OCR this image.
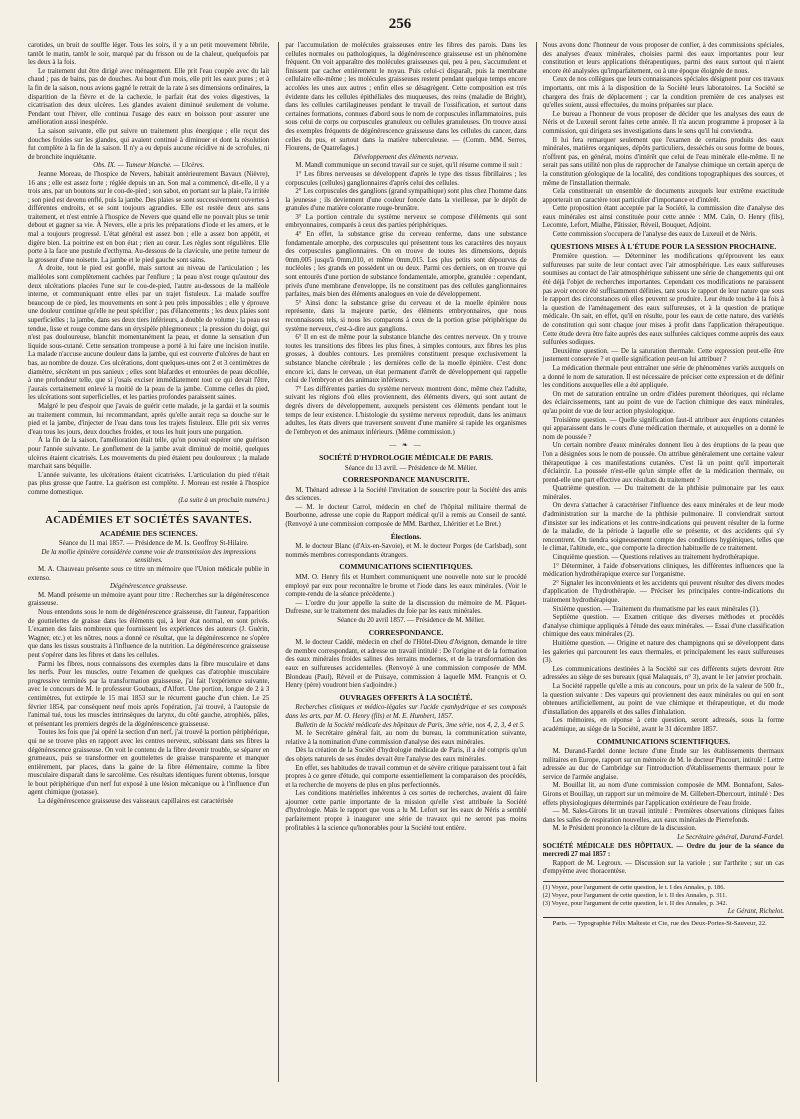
256

carotides, un bruit de souffle léger. Tous les soirs, il y a un petit mouvement fébrile, tantôt le matin, tantôt le soir, marqué par du frisson ou de la chaleur, quelquefois par les deux à la fois.

Le traitement dut être dirigé avec ménagement. Elle prit l'eau coupée avec du lait chaud ; pas de bains, pas de douches. Au bout d'un mois, elle prit les eaux pures ; et à la fin de la saison, nous avions gagné le retrait de la rate à ses dimensions ordinaires, la disparition de la fièvre et de la cachexie, le parfait état des voies digestives, la cicatrisation des deux ulcères. Les glandes avaient diminué seulement de volume. Pendant tout l'hiver, elle continua l'usage des eaux en boisson pour assurer une amélioration aussi inespérée.

La saison suivante, elle put suivre un traitement plus énergique ; elle reçut des douches froides sur les glandes, qui avaient continué à diminuer et dont la résolution fut complète à la fin de la saison. Il n'y a eu depuis aucune récidive ni de scrofules, ni de bronchite inquiétante.

Obs. IX. — Tumeur blanche. — Ulcères.

Jeanne Moreau, de l'hospice de Nevers, habitait antérieurement Bavaux (Nièvre), 16 ans ; elle est assez forte ; réglée depuis un an. Son mal a commencé, dit-elle, il y a trois ans, par un boutons sur le cou-de-pied ; son sabot, en portant sur la plaie, l'a irritée ; son pied est devenu enflé, puis la jambe. Des plaies se sont successivement ouvertes à différentes endroits, et se sont toujours agrandies. Elle est restée deux ans sans traitement, et n'est entrée à l'hospice de Nevers que quand elle ne pouvait plus se tenir debout et gagner sa vie. À Nevers, elle a pris les préparations d'iode et les amers, et le mal a toujours progressé. L'état général est assez bon ; elle a assez bon appétit, et digère bien. La poitrine est en bon état ; rien au cœur. Les règles sont régulières. Elle porte à la face une pustule d'ecthyma. Au-dessous de la clavicule, une petite tumeur de la grosseur d'une noisette. La jambe et le pied gauche sont sains.

À droite, tout le pied est gonflé, mais surtout au niveau de l'articulation ; les malléoles sont complètement cachées par l'enflure ; la peau n'est rouge qu'autour des deux ulcérations placées l'une sur le cou-de-pied, l'autre au-dessous de la malléole interne, et communiquant entre elles par un trajet fistuleux. La malade souffre beaucoup de ce pied, les mouvements en sont à peu près impossibles ; elle y éprouve une douleur continue qu'elle ne peut spécifier ; pas d'élancements ; les deux plaies sont superficielles ; la jambe, dans ses deux tiers inférieurs, a double de volume ; la peau est tendue, lisse et rouge comme dans un érysipèle phlegmoneux ; la pression du doigt, qui n'est pas douloureuse, blanchit momentanément la peau, et donne la sensation d'un liquide sous-cutané. Cette sensation trompeuse a porté à lui faire une incision inutile. La malade n'accuse aucune douleur dans la jambe, qui est couverte d'ulcères de haut en bas, au nombre de douze. Ces ulcérations, dont quelques-unes ont 2 et 3 centimètres de diamètre, sécrètent un pus sanieux ; elles sont blafardes et entourées de peau décollée, à une profondeur telle, que si j'osais exciser immédiatement tout ce qui devait l'être, j'aurais certainement enlevé la moitié de la peau de la jambe. Comme celles du pied, les ulcérations sont superficielles, et les parties profondes paraissent saines.

Malgré le peu d'espoir que j'avais de guérir cette malade, je la gardai et la soumis au traitement commun, lui recommandant, après qu'elle aurait reçu sa douche sur le pied et la jambe, d'injecter de l'eau dans tous les trajets fistuleux. Elle prit six verres d'eau tous les jours, deux douches froides, et tous les huit jours une purgation.

À la fin de la saison, l'amélioration était telle, qu'on pouvait espérer une guérison pour l'année suivante. Le gonflement de la jambe avait diminué de moitié, quelques ulcères étaient cicatrisés. Les mouvements du pied étaient peu douloureux ; la malade marchait sans béquille.

L'année suivante, les ulcérations étaient cicatrisées. L'articulation du pied n'était pas plus grosse que l'autre. La guérison est complète. J. Moreau est restée à l'hospice comme domestique.

(La suite à un prochain numéro.)

ACADÉMIES ET SOCIÉTÉS SAVANTES.
ACADÉMIE DES SCIENCES.

Séance du 11 mai 1857. — Présidence de M. Is. Geoffroy St-Hilaire.

De la mollie épinière considérée comme voie de transmission des impressions sensitives.

M. A. Chauveau présente sous ce titre un mémoire que l'Union médicale publie in extenso.

Dégénérescence graisseuse.

M. Mandl présente un mémoire ayant pour titre : Recherches sur la dégénérescence graisseuse.

Nous entendons sous le nom de dégénérescence graisseuse, dit l'auteur, l'apparition de gouttelettes de graisse dans les éléments qui, à leur état normal, en sont privés. L'examen des faits nombreux que fournissent les expériences des auteurs (J. Guérin, Wagner, etc.) et les nôtres, nous a donné ce résultat, que la dégénérescence ne s'opère que dans les tissus soustraits à l'influence de la nutrition. La dégénérescence graisseuse peut s'opérer dans les fibres et dans les cellules.

Parmi les fibres, nous connaissons des exemples dans la fibre musculaire et dans les nerfs. Pour les muscles, outre l'examen de quelques cas d'atrophie musculaire progressive terminés par la transformation graisseuse, j'ai fait l'expérience suivante, avec le concours de M. le professeur Goubaux, d'Alfort. Une portion, longue de 2 à 3 centimètres, fut extirpée le 15 mai 1853 sur le récurrent gauche d'un chien. Le 25 février 1854, par conséquent neuf mois après l'opération, j'ai trouvé, à l'autopsie de l'animal tué, tous les muscles intrinsèques du larynx, du côté gauche, atrophiés, pâles, et présentant les premiers degrés de la dégénérescence graisseuse.

Toutes les fois que j'ai opéré la section d'un nerf, j'ai trouvé la portion périphérique, qui ne se trouve plus en rapport avec les centres nerveux, subissant dans ses fibres la dégénérescence graisseuse. On voit le contenu de la fibre devenir trouble, se séparer en grumeaux, puis se transformer en gouttelettes de graisse transparente et manquer entièrement, par places, dans la gaine de la fibre élémentaire, comme la fibre musculaire disparaît dans le sarcolème. Ces résultats identiques furent obtenus, lorsque le bout périphérique d'un nerf fut exposé à une lésion mécanique ou à l'influence d'un agent chimique (potasse).

La dégénérescence graisseuse des vaisseaux capillaires est caractérisée

par l'accumulation de molécules graisseuses entre les fibres des parois. Dans les cellules normales ou pathologiques, la dégénérescence graisseuse est un phénomène fréquent. On voit apparaître des molécules graisseuses qui, peu à peu, s'accumulent et finissent par cacher entièrement le noyau. Puis celui-ci disparaît, puis la membrane cellulaire elle-même ; les molécules graisseuses restent pendant quelque temps encore accolées les unes aux autres ; enfin elles se désagrègent. Cette composition est très évidente dans les cellules épithéliales des muqueuses, des reins (maladie de Bright), dans les cellules cartilagineuses pendant le travail de l'ossification, et surtout dans certaines formations, connues d'abord sous le nom de corpuscules inflammatoires, puis sous celui de corps ou corpuscules granuleux ou cellules granuleuses. On trouve aussi des exemples fréquents de dégénérescence graisseuse dans les cellules du cancer, dans celles du pus, et surtout dans la matière tuberculeuse. — (Comm. MM. Serres, Flourens, de Quatrefages.)

Développement des éléments nerveux.

M. Mandl communique un second travail sur ce sujet, qu'il résume comme il suit :

1° Les fibres nerveuses se développent d'après le type des tissus fibrillaires ; les corpuscules (cellules) ganglionnaires d'après celui des cellules.

2° Les corpuscules des ganglions (grand sympathique) sont plus chez l'homme dans la jeunesse ; ils deviennent d'une couleur foncée dans la vieillesse, par le dépôt de granules d'une matière colorante rouge-brunâtre.

3° La portion centrale du système nerveux se compose d'éléments qui sont embryonnaires, comparés à ceux des parties périphériques.

4° En effet, la substance grise du cerveau renferme, dans une substance fondamentale amorphe, des corpuscules qui présentent tous les caractères des noyaux des corpuscules ganglionnaires. On en trouve de toutes les dimensions, depuis 0mm,005 jusqu'à 0mm,010, et même 0mm,015. Les plus petits sont dépourvus de nucléoles ; les grands en possèdent un ou deux. Parmi ces derniers, on en trouve qui sont entourés d'une portion de substance fondamentale, amorphe, granulée : cependant, privés d'une membrane d'enveloppe, ils ne constituent pas des cellules ganglionnaires parfaites, mais bien des éléments analogues en voie de développement.

5° Ainsi donc la substance grise du cerveau et de la moelle épinière nous représente, dans la majeure partie, des éléments embryonnaires, que nous reconnaissons tels, si nous les comparons à ceux de la portion grise périphérique du système nerveux, c'est-à-dire aux ganglions.

6° Il en est de même pour la substance blanche des centres nerveux. On y trouve toutes les transitions des fibres les plus fines, à simples contours, aux fibres les plus grosses, à doubles contours. Les premières constituent presque exclusivement la substance blanche cérébrale ; les dernières celle de la moelle épinière. C'est donc encore ici, dans le cerveau, un état permanent d'arrêt de développement qui rappelle celui de l'embryon et des animaux inférieurs.

7° Les différentes parties du système nerveux montrent donc, même chez l'adulte, suivant les régions d'où elles proviennent, des éléments divers, qui sont autant de degrés divers de développement, auxquels persistent ces éléments pendant tout le temps de leur existence. L'histologie du système nerveux reproduit, dans les animaux adultes, les états divers que traversent souvent d'une manière si rapide les organismes de l'embryon et des animaux inférieurs. (Même commission.)

— ❧ —
SOCIÉTÉ D'HYDROLOGIE MÉDICALE DE PARIS.

Séance du 13 avril. — Présidence de M. Mélier.

CORRESPONDANCE MANUSCRITE.

M. Thénard adresse à la Société l'invitation de souscrire pour la Société des amis des sciences.

— M. le docteur Carrol, médecin en chef de l'hôpital militaire thermal de Bourbonne, adresse une copie du Rapport médical qu'il a remis au Conseil de santé. (Renvoyé à une commission composée de MM. Barthez, Lhéritier et Le Bret.)

Élections.

M. le docteur Blanc (d'Aix-en-Savoie), et M. le docteur Porges (de Carlsbad), sont nommés membres correspondants étrangers.

COMMUNICATIONS SCIENTIFIQUES.

MM. O. Henry fils et Humbert communiquent une nouvelle note sur le procédé employé par eux pour reconnaître le brome et l'iode dans les eaux minérales. (Voir le compte-rendu de la séance précédente.)

— L'ordre du jour appelle la suite de la discussion du mémoire de M. Pâquet-Dufresne, sur le traitement des maladies du foie par les eaux minérales.

Séance du 20 avril 1857. — Présidence de M. Mélier.

CORRESPONDANCE.

M. le docteur Caddé, médecin en chef de l'Hôtel-Dieu d'Avignon, demande le titre de membre correspondant, et adresse un travail intitulé : De l'origine et de la formation des eaux minérales froides salines des terrains modernes, et de la transformation des eaux en sulfureuses accidentelles. (Renvoyé à une commission composée de MM. Blondeau (Paul), Réveil et de Puisaye, commission à laquelle MM. François et O. Henry (père) voudront bien s'adjoindre.)

OUVRAGES OFFERTS À LA SOCIÉTÉ.

Recherches cliniques et médico-légales sur l'acide cyanhydrique et ses composés dans les arts, par M. O. Henry (fils) et M. E. Humbert, 1857.

Bulletin de la Société médicale des hôpitaux de Paris, 3me série, nos 4, 2, 3, 4 et 5.

M. le Secrétaire général fait, au nom du bureau, la communication suivante, relative à la nomination d'une commission d'analyse des eaux minérales.

Dès la création de la Société d'hydrologie médicale de Paris, il a été compris qu'un des objets naturels de ses études devait être l'analyse des eaux minérales.

En effet, ses habitudes de travail commun et de sévère critique paraissent tout à fait propres à ce genre d'étude, qui comporte essentiellement la comparaison des procédés, et la recherche de moyens de plus en plus perfectionnés.

Les conditions matérielles inhérentes à ces sortes de recherches, avaient dû faire ajourner cette partie importante de la mission qu'elle s'est attribuée la Société d'hydrologie. Mais le rapport que vous a lu M. Lefort sur les eaux de Néris a semblé parfaitement propre à inaugurer une série de travaux qui ne seront pas moins profitables à la science qu'honorables pour la Société tout entière.

Nous avons donc l'honneur de vous proposer de confier, à des commissions spéciales, des analyses d'eaux minérales, choisies parmi des eaux importantes pour leur constitution et leurs applications thérapeutiques, parmi des eaux surtout qui n'aient encore été analysées qu'imparfaitement, ou à une époque éloignée de nous.

Ceux de nos collègues que leurs connaissances spéciales désignent pour ces travaux importants, ont mis à la disposition de la Société leurs laboratoires. La Société se chargera des frais de déplacement ; car la condition première de ces analyses est qu'elles soient, aussi effectuées, du moins préparées sur place.

Le bureau a l'honneur de vous proposer de décider que les analyses des eaux de Néris et de Luxeuil seront faites cette année. Il n'a aucun programme à proposer à la commission, qui dirigera ses investigations dans le sens qu'il lui conviendra.

Il lui fera remarquer seulement que l'examen de certains produits des eaux minérales, matières organiques, dépôts particuliers, desséchés ou sous forme de boues, n'offrent pas, en général, moins d'intérêt que celui de l'eau minérale elle-même. Il ne serait pas sans utilité non plus de rapprocher de l'analyse chimique un certain aperçu de la constitution géologique de la localité, des conditions topographiques des sources, et même de l'installation thermale.

Cela constituerait un ensemble de documents auxquels leur extrême exactitude apporterait un caractère tout particulier d'importance et d'intérêt.

Cette proposition étant acceptée par la Société, la commission dite d'analyse des eaux minérales est ainsi constituée pour cette année : MM. Caïn, O. Henry (fils), Lecomte, Lefort, Mialhe, Pâtissier, Réveil, Bouquet, Adjoint.

Cette commission s'occupera de l'analyse des eaux de Luxeuil et de Néris.

QUESTIONS MISES À L'ÉTUDE POUR LA SESSION PROCHAINE.

Première question. — Déterminer les modifications qu'éprouvent les eaux sulfureuses par suite de leur contact avec l'air atmosphérique. Les eaux sulfureuses soumises au contact de l'air atmosphérique subissent une série de changements qui ont été déjà l'objet de recherches importantes. Cependant ces modifications ne paraissent pas avoir encore été suffisamment définies, tant sous le rapport de leur nature que sous le rapport des circonstances où elles peuvent se produire. Leur étude touche à la fois à la question de l'aménagement des eaux sulfureuses, et à la question de pratique médicale. On sait, en effet, qu'il en résulte, pour les eaux de cette nature, des variétés de constitution qui sont chaque jour mises à profit dans l'application thérapeutique. Cette étude devra être faite auprès des eaux sulfurées calciques comme auprès des eaux sulfurées sodiques.

Deuxième question. — De la saturation thermale. Cette expression peut-elle être justement conservée ? et quelle signification peut-on lui attribuer ?

La médication thermale peut entraîner une série de phénomènes variés auxquels on a donné le nom de saturation. Il est nécessaire de préciser cette expression et de définir les conditions auxquelles elle a été appliquée.

On met de saturation entraîne un ordre d'idées purement théoriques, qui réclame des éclaircissements, tant au point de vue de l'action chimique des eaux minérales, qu'au point de vue de leur action physiologique.

Troisième question. — Quelle signification faut-il attribuer aux éruptions cutanées qui apparaissent dans le cours d'une médication thermale, et auxquelles on a donné le nom de poussée ?

Un certain nombre d'eaux minérales donnent lieu à des éruptions de la peau que l'on a désignées sous le nom de poussée. On attribue généralement une certaine valeur thérapeutique à ces manifestations cutanées. C'est là un point qu'il importerait d'éclaircir. La poussée n'est-elle qu'un simple effet de la médication thermale, ou prend-elle une part effective aux résultats du traitement ?

Quatrième question. — Du traitement de la phthisie pulmonaire par les eaux minérales.

On devra s'attacher à caractériser l'influence des eaux minérales et de leur mode d'administration sur la marche de la phthisie pulmonaire. Il conviendrait surtout d'insister sur les indications et les contre-indications qui peuvent résulter de la forme de la maladie, de la période à laquelle elle se présente, et des accidents qui s'y rencontrent. On tiendra soigneusement compte des conditions hygiéniques, telles que le climat, l'altitude, etc., que comporte la direction habituelle de ce traitement.

Cinquième question. — Questions relatives au traitement hydrothérapique.

1° Déterminer, à l'aide d'observations cliniques, les différentes influences que la médication hydrothérapique exerce sur l'organisme.

2° Signaler les inconvénients et les accidents qui peuvent résulter des divers modes d'application de l'hydrothérapie. — Préciser les principales contre-indications du traitement hydrothérapique.

Sixième question. — Traitement du rhumatisme par les eaux minérales (1).

Septième question. — Examen critique des diverses méthodes et procédés d'analyse chimique appliqués à l'étude des eaux minérales. — Essai d'une classification chimique des eaux minérales (2).

Huitième question. — Origine et nature des champignons qui se développent dans les galeries qui parcourent les eaux thermales, et principalement les eaux sulfureuses (3).

Les communications destinées à la Société sur ces différents sujets devront être adressées au siège de ses bureaux (quai Malaquais, n° 3), avant le 1er janvier prochain.

La Société rappelle qu'elle a mis au concours, pour un prix de la valeur de 500 fr., la question suivante : Des vapeurs qui proviennent des eaux minérales ou qui en sont obtenues artificiellement, au point de vue chimique et thérapeutique, et du mode d'installation des appareils et des salles d'inhalation.

Les mémoires, en réponse à cette question, seront adressés, sous la forme académique, au siège de la Société, avant le 31 décembre 1857.

COMMUNICATIONS SCIENTIFIQUES.

M. Durand-Fardel donne lecture d'une Étude sur les établissements thermaux militaires en Europe, rapport sur un mémoire de M. le docteur Pincourt, intitulé : Lettre adressée au duc de Cambridge sur l'introduction d'établissements thermaux pour le service de l'armée anglaise.

M. Bouillat lit, au nom d'une commission composée de MM. Bonnafont, Sales-Girons et Bouillay, un rapport sur un mémoire de M. Gillebert-Dhercourt, intitulé : Des effets physiologiques déterminés par l'application extérieure de l'eau froide.

— M. Sales-Girons lit un travail intitulé : Premières observations cliniques faites dans les salles de respiration nouvelles, aux eaux minérales de Pierrefonds.

M. le Président prononce la clôture de la discussion.

Le Secrétaire général, Durand-Fardel.

SOCIÉTÉ MÉDICALE DES HÔPITAUX. — Ordre du jour de la séance du mercredi 27 mai 1857 :

Rapport de M. Legroux. — Discussion sur la variole ; sur l'arthrite ; sur un cas d'empyème avec thoracentèse.

(1) Voyez, pour l'argument de cette question, le t. I des Annales, p. 186.

(2) Voyez, pour l'argument de cette question, le t. II des Annales, p. 311.

(3) Voyez, pour l'argument de cette question, le t. II des Annales, p. 342.

Le Gérant, Richelot.

Paris. — Typographie Félix Malteste et Cie, rue des Deux-Portes-St-Sauveur, 22.
